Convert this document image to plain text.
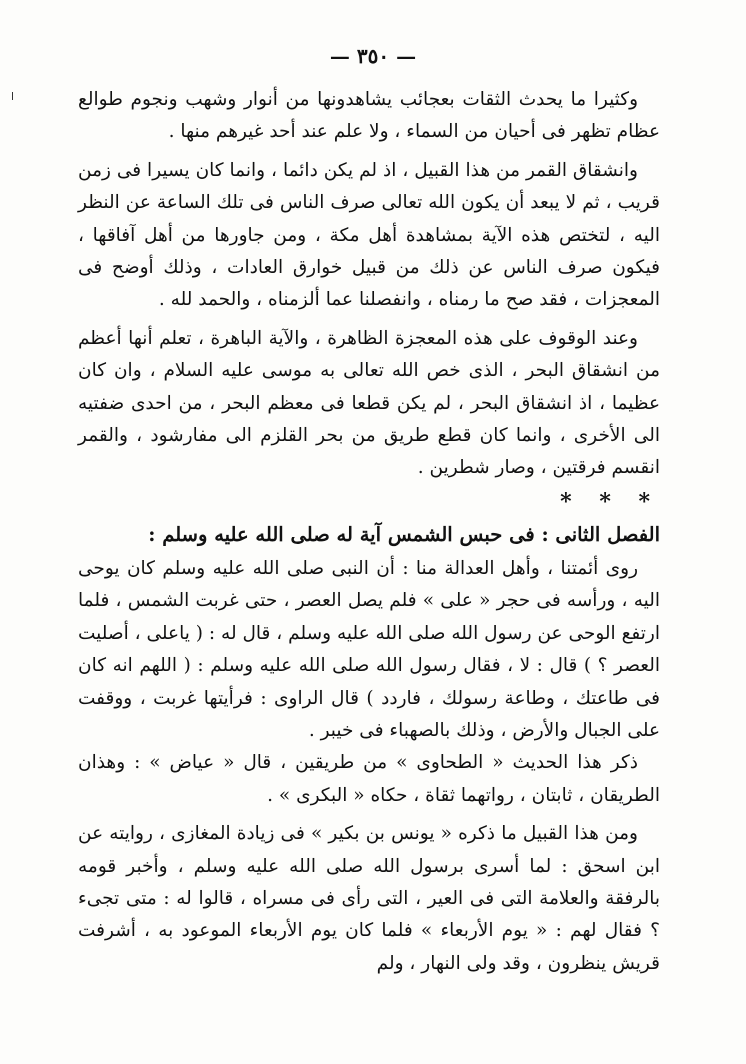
— ٣٥٠ —

وكثيرا ما يحدث الثقات بعجائب يشاهدونها من أنوار وشهب ونجوم طوالع عظام تظهر فى أحيان من السماء ، ولا علم عند أحد غيرهم منها .

وانشقاق القمر من هذا القبيل ، اذ لم يكن دائما ، وانما كان يسيرا فى زمن قريب ، ثم لا يبعد أن يكون الله تعالى صرف الناس فى تلك الساعة عن النظر اليه ، لتختص هذه الآية بمشاهدة أهل مكة ، ومن جاورها من أهل آفاقها ، فيكون صرف الناس عن ذلك من قبيل خوارق العادات ، وذلك أوضح فى المعجزات ، فقد صح ما رمناه ، وانفصلنا عما ألزمناه ، والحمد لله .

وعند الوقوف على هذه المعجزة الظاهرة ، والآية الباهرة ، تعلم أنها أعظم من انشقاق البحر ، الذى خص الله تعالى به موسى عليه السلام ، وان كان عظيما ، اذ انشقاق البحر ، لم يكن قطعا فى معظم البحر ، من احدى ضفتيه الى الأخرى ، وانما كان قطع طريق من بحر القلزم الى مفارشود ، والقمر انقسم فرقتين ، وصار شطرين .

* * *

الفصل الثانى : فى حبس الشمس آية له صلى الله عليه وسلم :

روى أئمتنا ، وأهل العدالة منا : أن النبى صلى الله عليه وسلم كان يوحى اليه ، ورأسه فى حجر « على » فلم يصل العصر ، حتى غربت الشمس ، فلما ارتفع الوحى عن رسول الله صلى الله عليه وسلم ، قال له : ( ياعلى ، أصليت العصر ؟ ) قال : لا ، فقال رسول الله صلى الله عليه وسلم : ( اللهم انه كان فى طاعتك ، وطاعة رسولك ، فاردد ) قال الراوى : فرأيتها غربت ، ووقفت على الجبال والأرض ، وذلك بالصهباء فى خيبر .

ذكر هذا الحديث « الطحاوى » من طريقين ، قال « عياض » : وهذان الطريقان ، ثابتان ، رواتهما ثقاة ، حكاه « البكرى » .

ومن هذا القبيل ما ذكره « يونس بن بكير » فى زيادة المغازى ، روايته عن ابن اسحق : لما أسرى برسول الله صلى الله عليه وسلم ، وأخبر قومه بالرفقة والعلامة التى فى العير ، التى رأى فى مسراه ، قالوا له : متى تجىء ؟ فقال لهم : « يوم الأربعاء » فلما كان يوم الأربعاء الموعود به ، أشرفت قريش ينظرون ، وقد ولى النهار ، ولم
